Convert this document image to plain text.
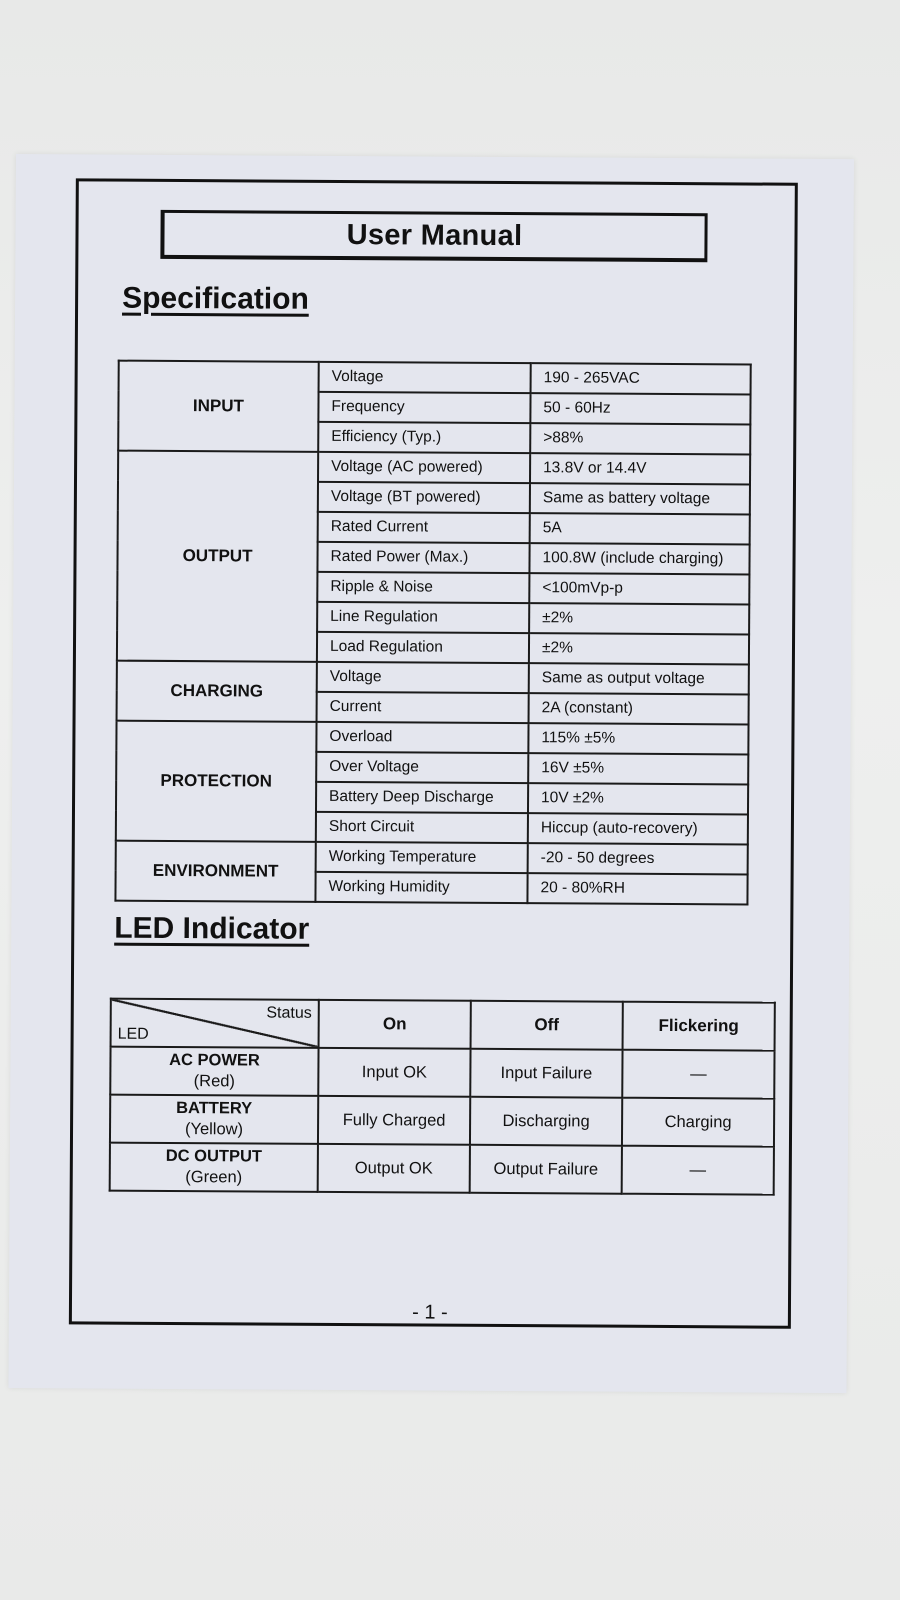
User Manual
Specification
INPUT	Voltage	190 - 265VAC
	Frequency	50 - 60Hz
	Efficiency (Typ.)	>88%
OUTPUT	Voltage (AC powered)	13.8V or 14.4V
	Voltage (BT powered)	Same as battery voltage
	Rated Current	5A
	Rated Power (Max.)	100.8W (include charging)
	Ripple & Noise	<100mVp-p
	Line Regulation	±2%
	Load Regulation	±2%
CHARGING	Voltage	Same as output voltage
	Current	2A (constant)
PROTECTION	Overload	115% ±5%
	Over Voltage	16V ±5%
	Battery Deep Discharge	10V ±2%
	Short Circuit	Hiccup (auto-recovery)
ENVIRONMENT	Working Temperature	-20 - 50 degrees
	Working Humidity	20 - 80%RH
LED Indicator
Status
LED	On	Off	Flickering

AC POWER
(Red)	Input OK	Input Failure	—

BATTERY
(Yellow)	Fully Charged	Discharging	Charging

DC OUTPUT
(Green)	Output OK	Output Failure	—
- 1 -
